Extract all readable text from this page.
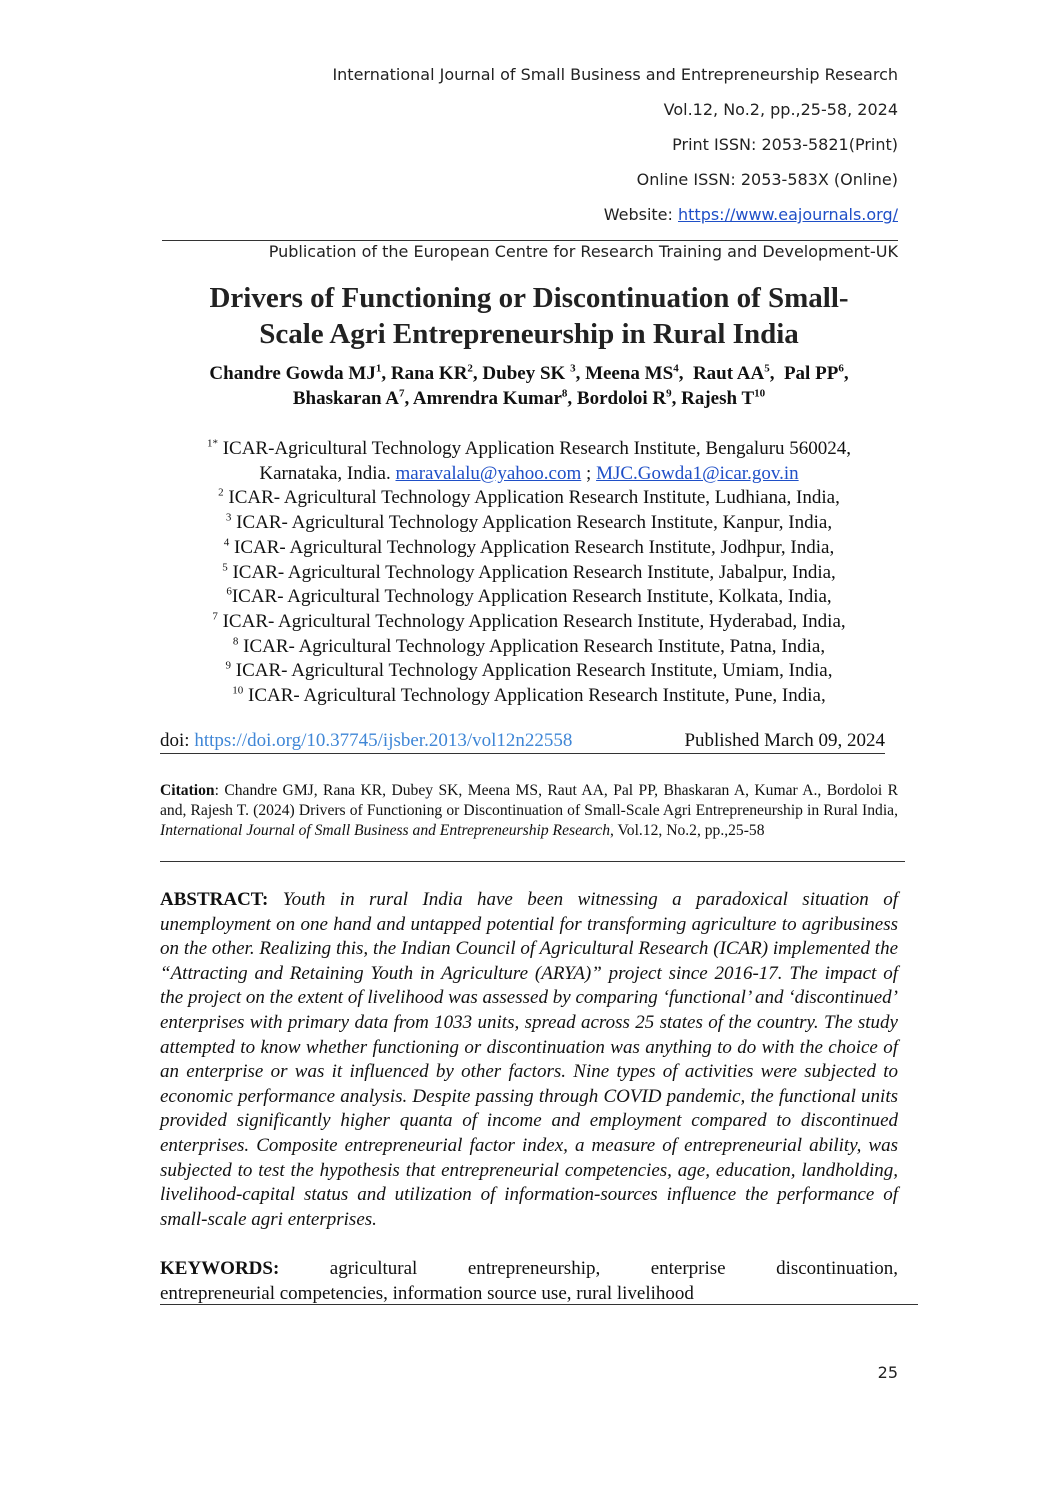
International Journal of Small Business and Entrepreneurship Research
Vol.12, No.2, pp.,25-58, 2024
Print ISSN: 2053-5821(Print)
Online ISSN: 2053-583X (Online)
Website: https://www.eajournals.org/
Publication of the European Centre for Research Training and Development-UK
Drivers of Functioning or Discontinuation of Small-
Scale Agri Entrepreneurship in Rural India
Chandre Gowda $MJ^1$, Rana $KR^2$, Dubey SK $^3$, Meena $MS^4$,  Raut $AA^5$,  Pal $PP^6$,
Bhaskaran $A^7$, Amrendra Kumar$^8$, Bordoloi $R^9$, Rajesh $T^{10}$
$^{1*}$ ICAR-Agricultural Technology Application Research Institute, Bengaluru 560024,
Karnataka, India. maravalalu@yahoo.com ; MJC.Gowda1@icar.gov.in
$^2$ ICAR- Agricultural Technology Application Research Institute, Ludhiana, India,
$^3$ ICAR- Agricultural Technology Application Research Institute, Kanpur, India,
$^4$ ICAR- Agricultural Technology Application Research Institute, Jodhpur, India,
$^5$ ICAR- Agricultural Technology Application Research Institute, Jabalpur, India,
$^6$ICAR- Agricultural Technology Application Research Institute, Kolkata, India,
$^7$ ICAR- Agricultural Technology Application Research Institute, Hyderabad, India,
$^8$ ICAR- Agricultural Technology Application Research Institute, Patna, India,
$^9$ ICAR- Agricultural Technology Application Research Institute, Umiam, India,
$^{10}$ ICAR- Agricultural Technology Application Research Institute, Pune, India,
doi: https://doi.org/10.37745/ijsber.2013/vol12n22558	Published March 09, 2024
Citation: Chandre GMJ, Rana KR, Dubey SK, Meena MS, Raut AA, Pal PP, Bhaskaran A, Kumar A., Bordoloi R and, Rajesh T. (2024) Drivers of Functioning or Discontinuation of Small-Scale Agri Entrepreneurship in Rural India, International Journal of Small Business and Entrepreneurship Research, Vol.12, No.2, pp.,25-58
ABSTRACT: Youth in rural India have been witnessing a paradoxical situation of unemployment on one hand and untapped potential for transforming agriculture to agribusiness on the other. Realizing this, the Indian Council of Agricultural Research (ICAR) implemented the “Attracting and Retaining Youth in Agriculture (ARYA)” project since 2016-17. The impact of the project on the extent of livelihood was assessed by comparing ‘functional’ and ‘discontinued’ enterprises with primary data from 1033 units, spread across 25 states of the country. The study attempted to know whether functioning or discontinuation was anything to do with the choice of an enterprise or was it influenced by other factors. Nine types of activities were subjected to economic performance analysis. Despite passing through COVID pandemic, the functional units provided significantly higher quanta of income and employment compared to discontinued enterprises. Composite entrepreneurial factor index, a measure of entrepreneurial ability, was subjected to test the hypothesis that entrepreneurial competencies, age, education, landholding, livelihood-capital status and utilization of information-sources influence the performance of small-scale agri enterprises.
KEYWORDS:	agricultural	entrepreneurship,	enterprise	discontinuation,
entrepreneurial competencies, information source use, rural livelihood
25
